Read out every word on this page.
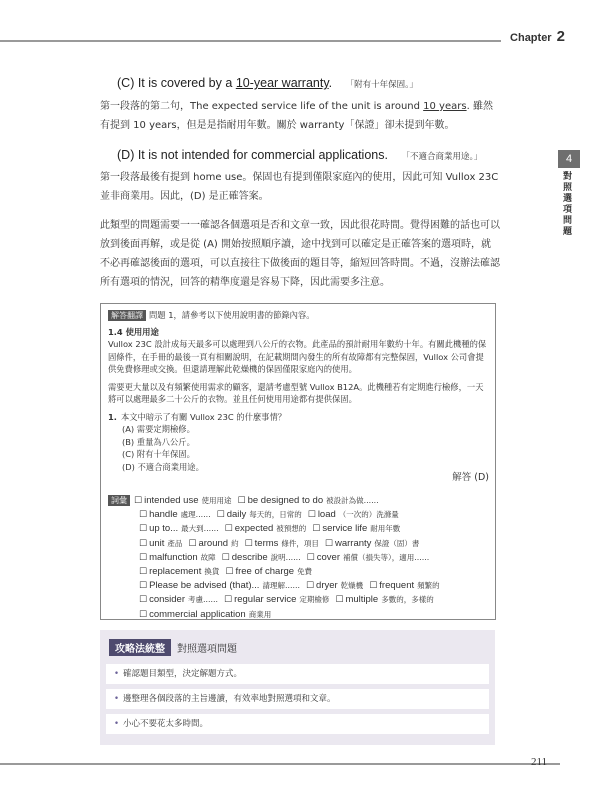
Chapter 2
4
對照選項問題
(C) It is covered by a 10-year warranty. 「附有十年保固。」
第一段落的第二句，The expected service life of the unit is around 10 years. 雖然有提到 10 years，但是是指耐用年數。關於 warranty「保證」卻未提到年數。
(D) It is not intended for commercial applications. 「不適合商業用途。」
第一段落最後有提到 home use。保固也有提到僅限家庭內的使用，因此可知 Vullox 23C 並非商業用。因此，(D) 是正確答案。
此類型的問題需要一一確認各個選項是否和文章一致，因此很花時間。覺得困難的話也可以放到後面再解，或是從 (A) 開始按照順序讀，途中找到可以確定是正確答案的選項時，就不必再確認後面的選項，可以直接往下做後面的題目等，縮短回答時間。不過，沒辦法確認所有選項的情況，回答的精準度還是容易下降，因此需要多注意。
解答翻譯 問題 1，請參考以下使用說明書的節錄內容。
1.4 使用用途
Vullox 23C 設計成每天最多可以處理到八公斤的衣物。此產品的預計耐用年數約十年。有關此機種的保固條件，在手冊的最後一頁有相關說明，在記載期間內發生的所有故障都有完整保固，Vullox 公司會提供免費修理或交換。但還請理解此乾燥機的保固僅限家庭內的使用。
需要更大量以及有頻繁使用需求的顧客，還請考慮型號 Vullox B12A。此機種若有定期進行檢修，一天將可以處理最多二十公斤的衣物。並且任何使用用途都有提供保固。
1. 本文中暗示了有關 Vullox 23C 的什麼事情？
(A) 需要定期檢修。
(B) 重量為八公斤。
(C) 附有十年保固。
(D) 不適合商業用途。
解答 (D)
詞彙 ☐ intended use 使用用途 ☐ be designed to do 被設計為做……
☐ handle 處理…… ☐ daily 每天的，日常的 ☐ load （一次的）洗滌量
☐ up to... 最大到…… ☐ expected 被預想的 ☐ service life 耐用年數
☐ unit 產品 ☐ around 約 ☐ terms 條件，項目 ☐ warranty 保證（固）書
☐ malfunction 故障 ☐ describe 說明…… ☐ cover 補償（損失等），適用……
☐ replacement 換貨 ☐ free of charge 免費
☐ Please be advised (that)... 請理解…… ☐ dryer 乾燥機 ☐ frequent 頻繁的
☐ consider 考慮…… ☐ regular service 定期檢修 ☐ multiple 多數的，多樣的
☐ commercial application 商業用
攻略法統整 對照選項問題
• 確認題目類型，決定解題方式。
• 邊整理各個段落的主旨邊讀，有效率地對照選項和文章。
• 小心不要花太多時間。
211
